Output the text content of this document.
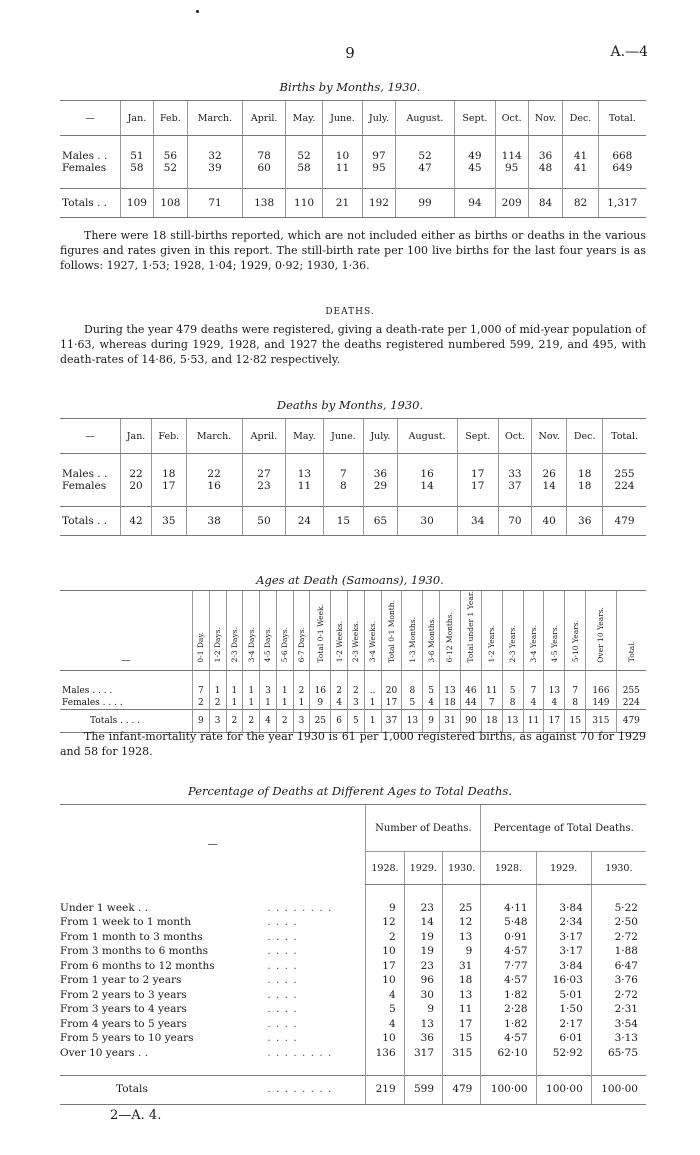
9	A.—4
Births by Months, 1930.
—	Jan.	Feb.	March.	April.	May.	June.	July.	August.	Sept.	Oct.	Nov.	Dec.	Total.

Males . .	51	56	32	78	52	10	97	52	49	114	36	41	668
Females	58	52	39	60	58	11	95	47	45	95	48	41	649

Totals . .	109	108	71	138	110	21	192	99	94	209	84	82	1,317

There were 18 still-births reported, which are not included either as births or deaths in the various figures and rates given in this report. The still-birth rate per 100 live births for the last four years is as follows: 1927, 1·53; 1928, 1·04; 1929, 0·92; 1930, 1·36.

DEATHS.

During the year 479 deaths were registered, giving a death-rate per 1,000 of mid-year population of 11·63, whereas during 1929, 1928, and 1927 the deaths registered numbered 599, 219, and 495, with death-rates of 14·86, 5·53, and 12·82 respectively.

Deaths by Months, 1930.
—	Jan.	Feb.	March.	April.	May.	June.	July.	August.	Sept.	Oct.	Nov.	Dec.	Total.

Males . .	22	18	22	27	13	7	36	16	17	33	26	18	255
Females	20	17	16	23	11	8	29	14	17	37	14	18	224

Totals . .	42	35	38	50	24	15	65	30	34	70	40	36	479
Ages at Death (Samoans), 1930.
—	0-1 Day.	1-2 Days.	2-3 Days.	3-4 Days.	4-5 Days.	5-6 Days.	6-7 Days.	Total 0-1 Week.	1-2 Weeks.	2-3 Weeks.	3-4 Weeks.	Total 0-1 Month.	1-3 Months.	3-6 Months.	6-12 Months.	Total under 1 Year.	1-2 Years.	2-3 Years.	3-4 Years.	4-5 Years.	5-10 Years.	Over 10 Years.	Total.

Males . . . .	7	1	1	1	3	1	2	16	2	2	..	20	8	5	13	46	11	5	7	13	7	166	255
Females . . . .	2	2	1	1	1	1	1	9	4	3	1	17	5	4	18	44	7	8	4	4	8	149	224
Totals . . . .	9	3	2	2	4	2	3	25	6	5	1	37	13	9	31	90	18	13	11	17	15	315	479

The infant-mortality rate for the year 1930 is 61 per 1,000 registered births, as against 70 for 1929 and 58 for 1928.

Percentage of Deaths at Different Ages to Total Deaths.
—		Number of Deaths.			Percentage of Total Deaths.		
		1928.	1929.	1930.	1928.	1929.	1930.

Under 1 week . .	. . . . . . . .	9	23	25	4·11	3·84	5·22
From 1 week to 1 month	. . . .	12	14	12	5·48	2·34	2·50
From 1 month to 3 months	. . . .	2	19	13	0·91	3·17	2·72
From 3 months to 6 months	. . . .	10	19	9	4·57	3·17	1·88
From 6 months to 12 months	. . . .	17	23	31	7·77	3·84	6·47
From 1 year to 2 years	. . . .	10	96	18	4·57	16·03	3·76
From 2 years to 3 years	. . . .	4	30	13	1·82	5·01	2·72
From 3 years to 4 years	. . . .	5	9	11	2·28	1·50	2·31
From 4 years to 5 years	. . . .	4	13	17	1·82	2·17	3·54
From 5 years to 10 years	. . . .	10	36	15	4·57	6·01	3·13
Over 10 years . .	. . . . . . . .	136	317	315	62·10	52·92	65·75

Totals	. . . . . . . .	219	599	479	100·00	100·00	100·00
2—A. 4.
